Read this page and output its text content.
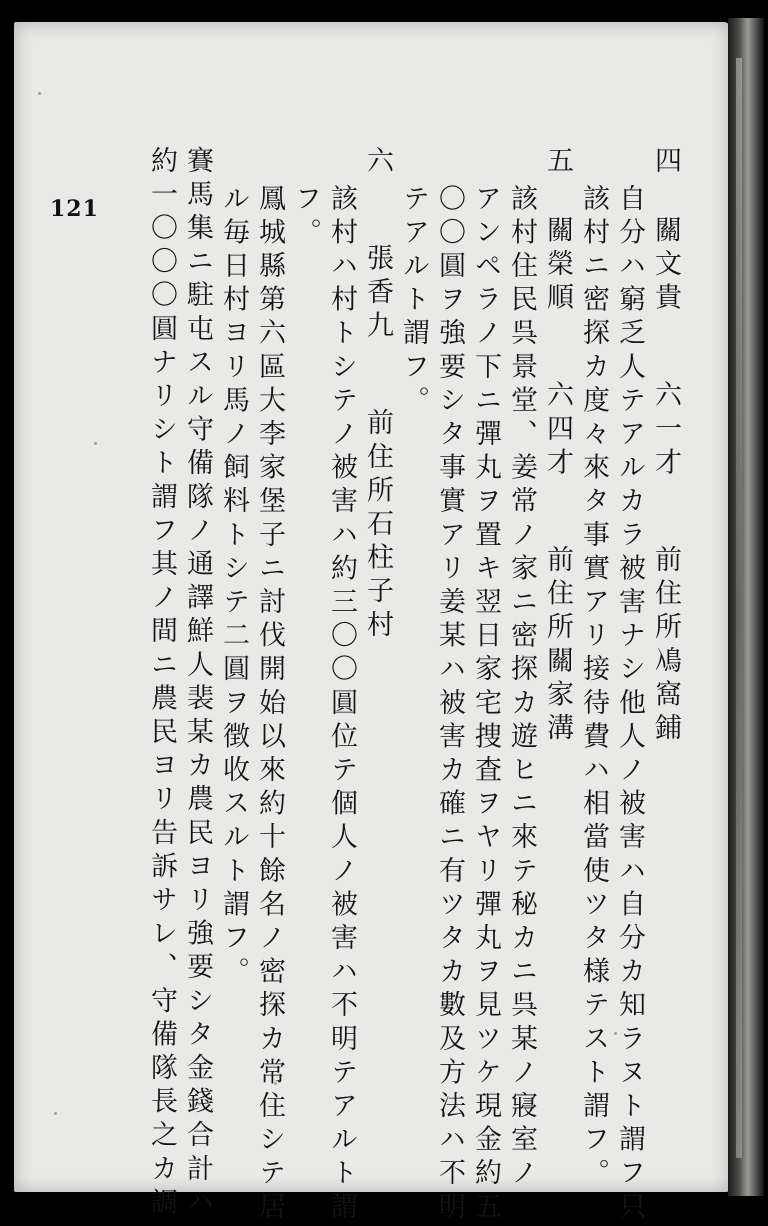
121
四關文貴六一才前住所鳰窩鋪
自分ハ窮乏人テアルカラ被害ナシ他人ノ被害ハ自分カ知ラヌト謂フ只
該村ニ密探カ度々來タ事實アリ接待費ハ相當使ツタ様テスト謂フ。
五關榮順六四才前住所關家溝
該村住民呉景堂、姜常ノ家ニ密探カ遊ヒニ來テ秘カニ呉某ノ寢室ノ
アンペラノ下ニ彈丸ヲ置キ翌日家宅捜査ヲヤリ彈丸ヲ見ツケ現金約五
〇〇圓ヲ強要シタ事實アリ姜某ハ被害カ確ニ有ツタカ數及方法ハ不明
テアルト謂フ。
六張香九前住所石柱子村
該村ハ村トシテノ被害ハ約三〇〇圓位テ個人ノ被害ハ不明テアルト謂
フ。
鳳城縣第六區大李家堡子ニ討伐開始以來約十餘名ノ密探カ常住シテ居
ル毎日村ヨリ馬ノ飼料トシテ二圓ヲ徴收スルト謂フ。
賽馬集ニ駐屯スル守備隊ノ通譯鮮人裴某カ農民ヨリ強要シタ金錢合計ハ
約一〇〇〇圓ナリシト謂フ其ノ間ニ農民ヨリ告訴サレ、守備隊長之カ調
